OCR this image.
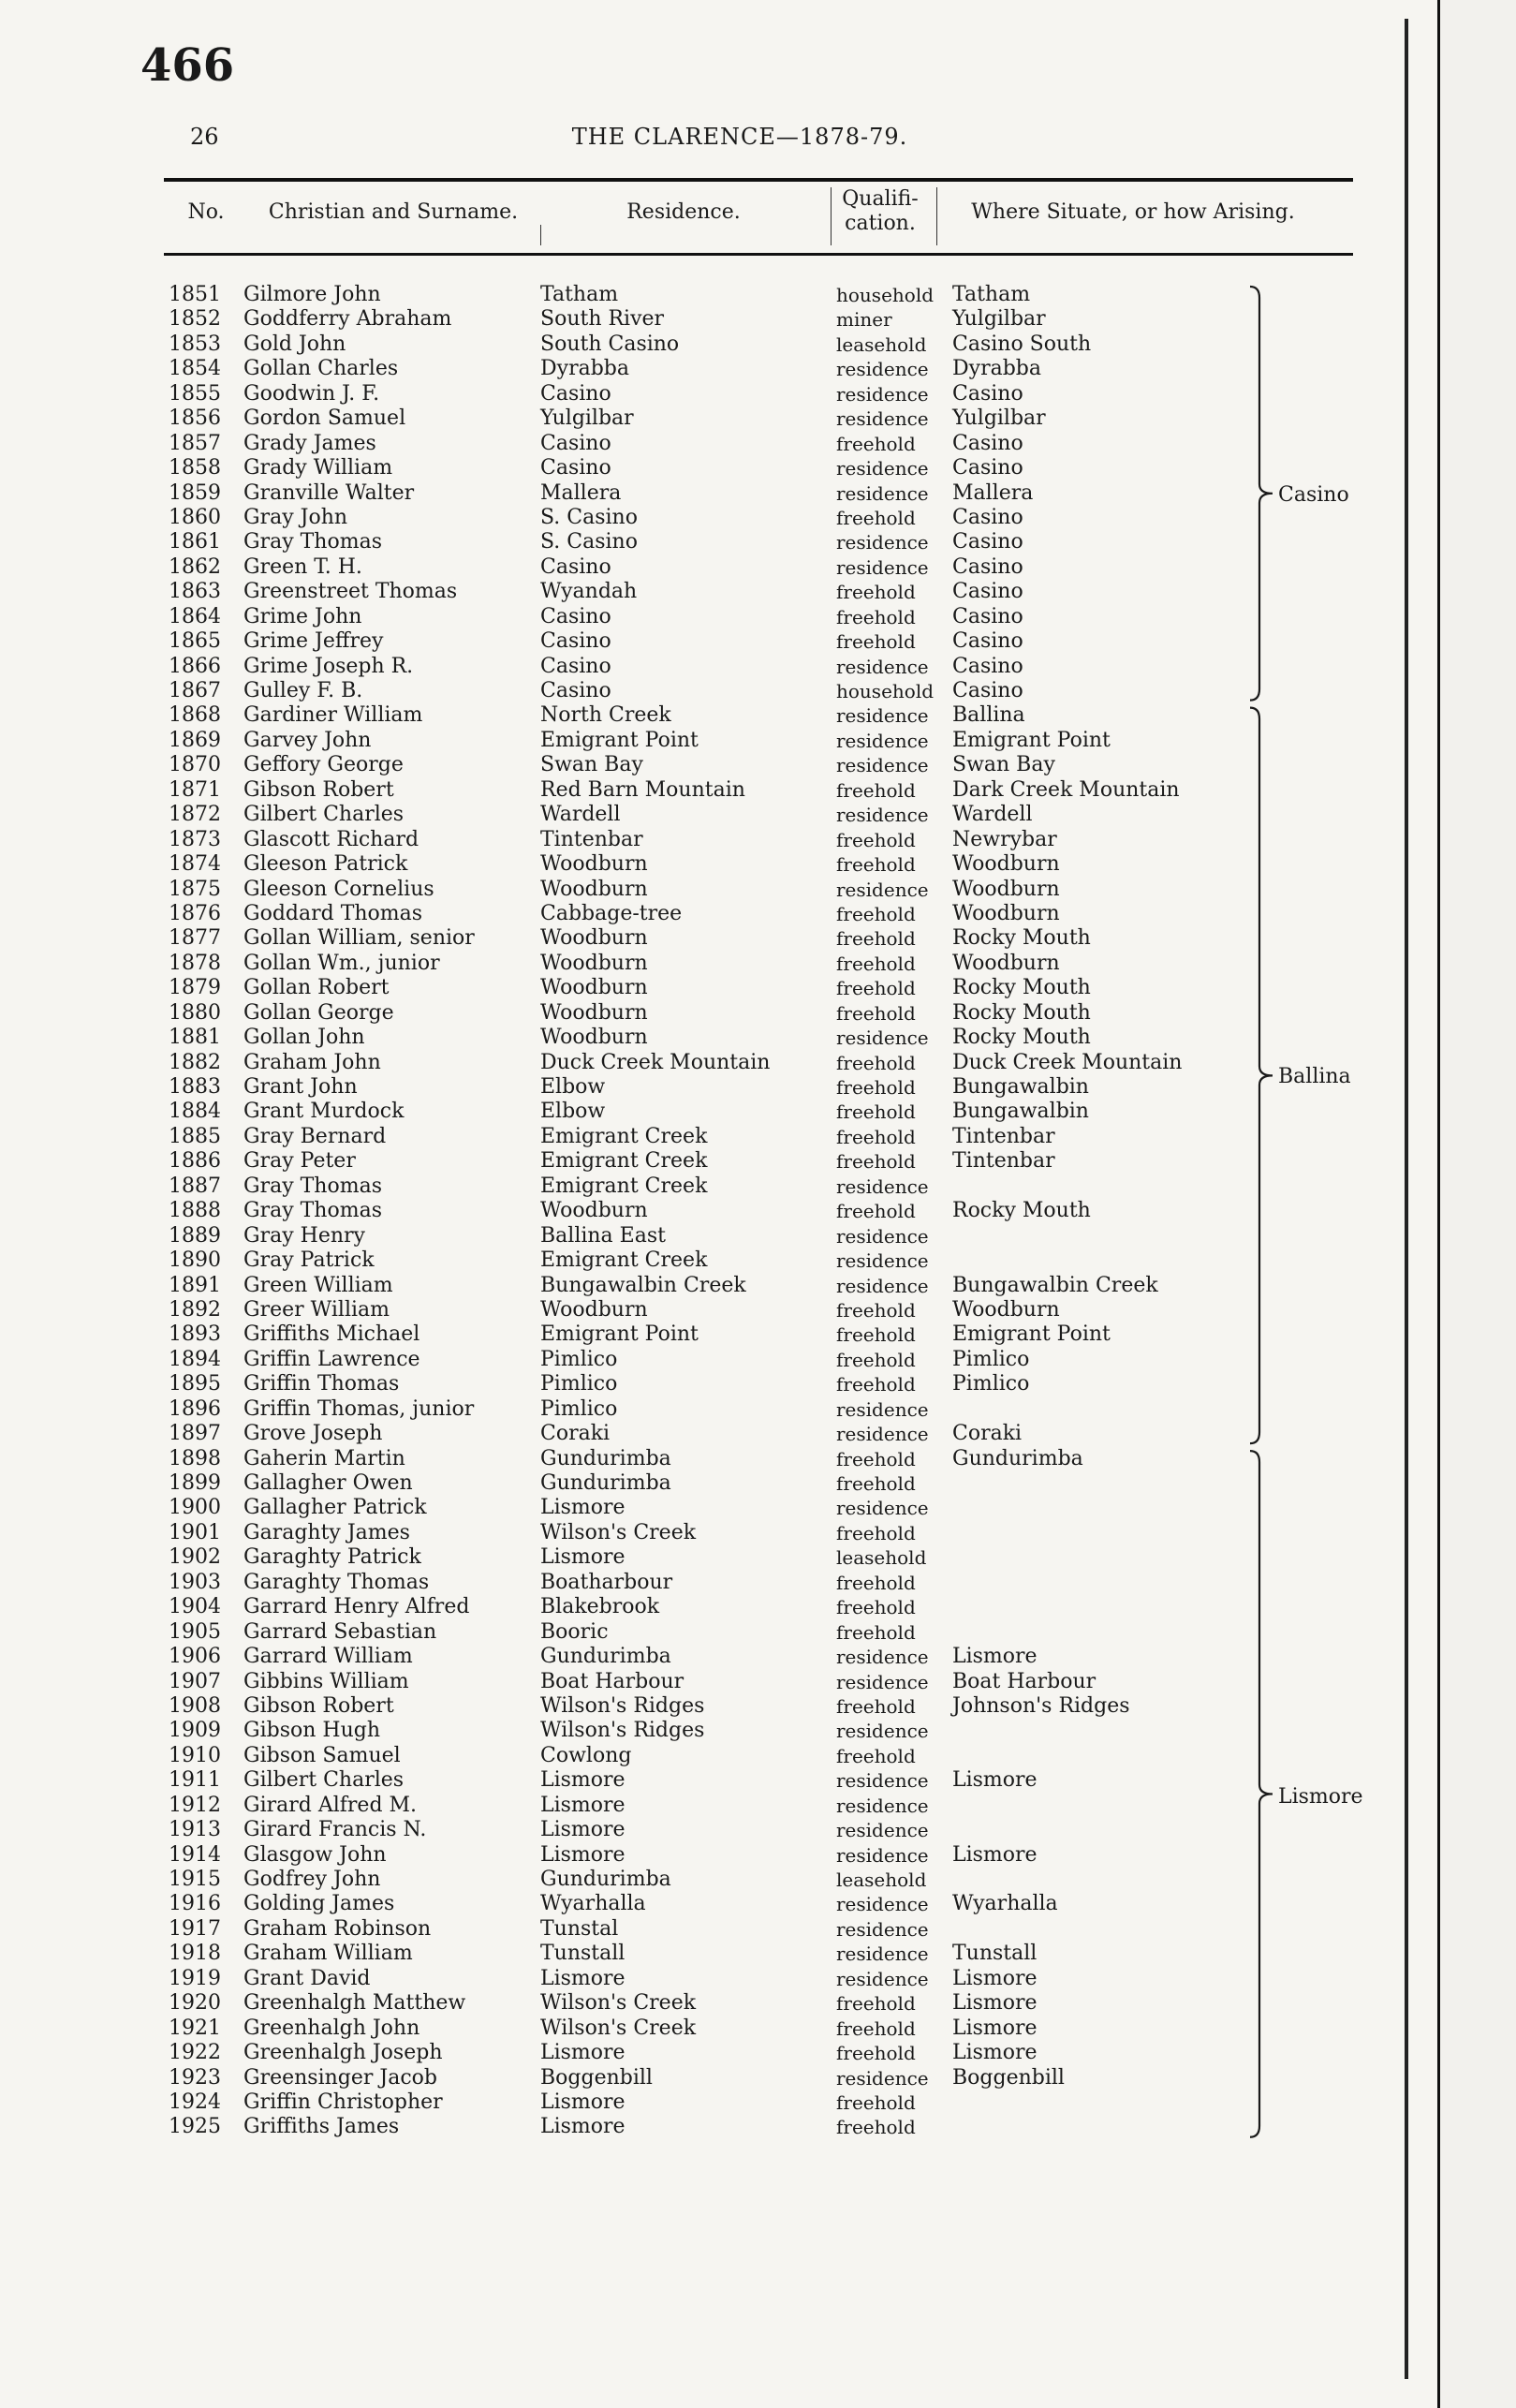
466
26	THE CLARENCE—1878-79.
No.	Christian and Surname.	Residence.
Qualifi-
cation.	Where Situate, or how Arising.
1851 Gilmore John	Tatham	household Tatham
1852 Goddferry Abraham	South River	miner	Yulgilbar
1853 Gold John	South Casino	leasehold Casino South
1854 Gollan Charles	Dyrabba	residence Dyrabba
1855 Goodwin J. F.	Casino	residence Casino
1856 Gordon Samuel	Yulgilbar	residence Yulgilbar
1857 Grady James	Casino	freehold Casino
1858 Grady William	Casino	residence Casino
1859 Granville Walter	Mallera	residence Mallera
1860 Gray John	S. Casino	freehold Casino
1861 Gray Thomas	S. Casino	residence Casino
1862 Green T. H.	Casino	residence Casino
1863 Greenstreet Thomas	Wyandah	freehold Casino
1864 Grime John	Casino	freehold Casino
1865 Grime Jeffrey	Casino	freehold Casino
1866 Grime Joseph R.	Casino	residence Casino
1867 Gulley F. B.	Casino	household Casino
1868 Gardiner William	North Creek	residence Ballina
1869 Garvey John	Emigrant Point	residence Emigrant Point
1870 Geffory George	Swan Bay	residence Swan Bay
1871 Gibson Robert	Red Barn Mountain	freehold Dark Creek Mountain
1872 Gilbert Charles	Wardell	residence Wardell
1873 Glascott Richard	Tintenbar	freehold Newrybar
1874 Gleeson Patrick	Woodburn	freehold Woodburn
1875 Gleeson Cornelius	Woodburn	residence Woodburn
1876 Goddard Thomas	Cabbage-tree	freehold Woodburn
1877 Gollan William, senior	Woodburn	freehold Rocky Mouth
1878 Gollan Wm., junior	Woodburn	freehold Woodburn
1879 Gollan Robert	Woodburn	freehold Rocky Mouth
1880 Gollan George	Woodburn	freehold Rocky Mouth
1881 Gollan John	Woodburn	residence Rocky Mouth
1882 Graham John	Duck Creek Mountain	freehold Duck Creek Mountain
1883 Grant John	Elbow	freehold Bungawalbin
1884 Grant Murdock	Elbow	freehold Bungawalbin
1885 Gray Bernard	Emigrant Creek	freehold Tintenbar
1886 Gray Peter	Emigrant Creek	freehold Tintenbar
1887 Gray Thomas	Emigrant Creek	residence
1888 Gray Thomas	Woodburn	freehold Rocky Mouth
1889 Gray Henry	Ballina East	residence
1890 Gray Patrick	Emigrant Creek	residence
1891 Green William	Bungawalbin Creek	residence Bungawalbin Creek
1892 Greer William	Woodburn	freehold Woodburn
1893 Griffiths Michael	Emigrant Point	freehold Emigrant Point
1894 Griffin Lawrence	Pimlico	freehold Pimlico
1895 Griffin Thomas	Pimlico	freehold Pimlico
1896 Griffin Thomas, junior	Pimlico	residence
1897 Grove Joseph	Coraki	residence Coraki
1898 Gaherin Martin	Gundurimba	freehold Gundurimba
1899 Gallagher Owen	Gundurimba	freehold
1900 Gallagher Patrick	Lismore	residence
1901 Garaghty James	Wilson's Creek	freehold
1902 Garaghty Patrick	Lismore	leasehold
1903 Garaghty Thomas	Boatharbour	freehold
1904 Garrard Henry Alfred	Blakebrook	freehold
1905 Garrard Sebastian	Booric	freehold
1906 Garrard William	Gundurimba	residence Lismore
1907 Gibbins William	Boat Harbour	residence Boat Harbour
1908 Gibson Robert	Wilson's Ridges	freehold Johnson's Ridges
1909 Gibson Hugh	Wilson's Ridges	residence
1910 Gibson Samuel	Cowlong	freehold
1911 Gilbert Charles	Lismore	residence Lismore
1912 Girard Alfred M.	Lismore	residence
1913 Girard Francis N.	Lismore	residence
1914 Glasgow John	Lismore	residence Lismore
1915 Godfrey John	Gundurimba	leasehold
1916 Golding James	Wyarhalla	residence Wyarhalla
1917 Graham Robinson	Tunstal	residence
1918 Graham William	Tunstall	residence Tunstall
1919 Grant David	Lismore	residence Lismore
1920 Greenhalgh Matthew	Wilson's Creek	freehold Lismore
1921 Greenhalgh John	Wilson's Creek	freehold Lismore
1922 Greenhalgh Joseph	Lismore	freehold Lismore
1923 Greensinger Jacob	Boggenbill	residence Boggenbill
1924 Griffin Christopher	Lismore	freehold
1925 Griffiths James	Lismore	freehold
Casino
Ballina
Lismore
